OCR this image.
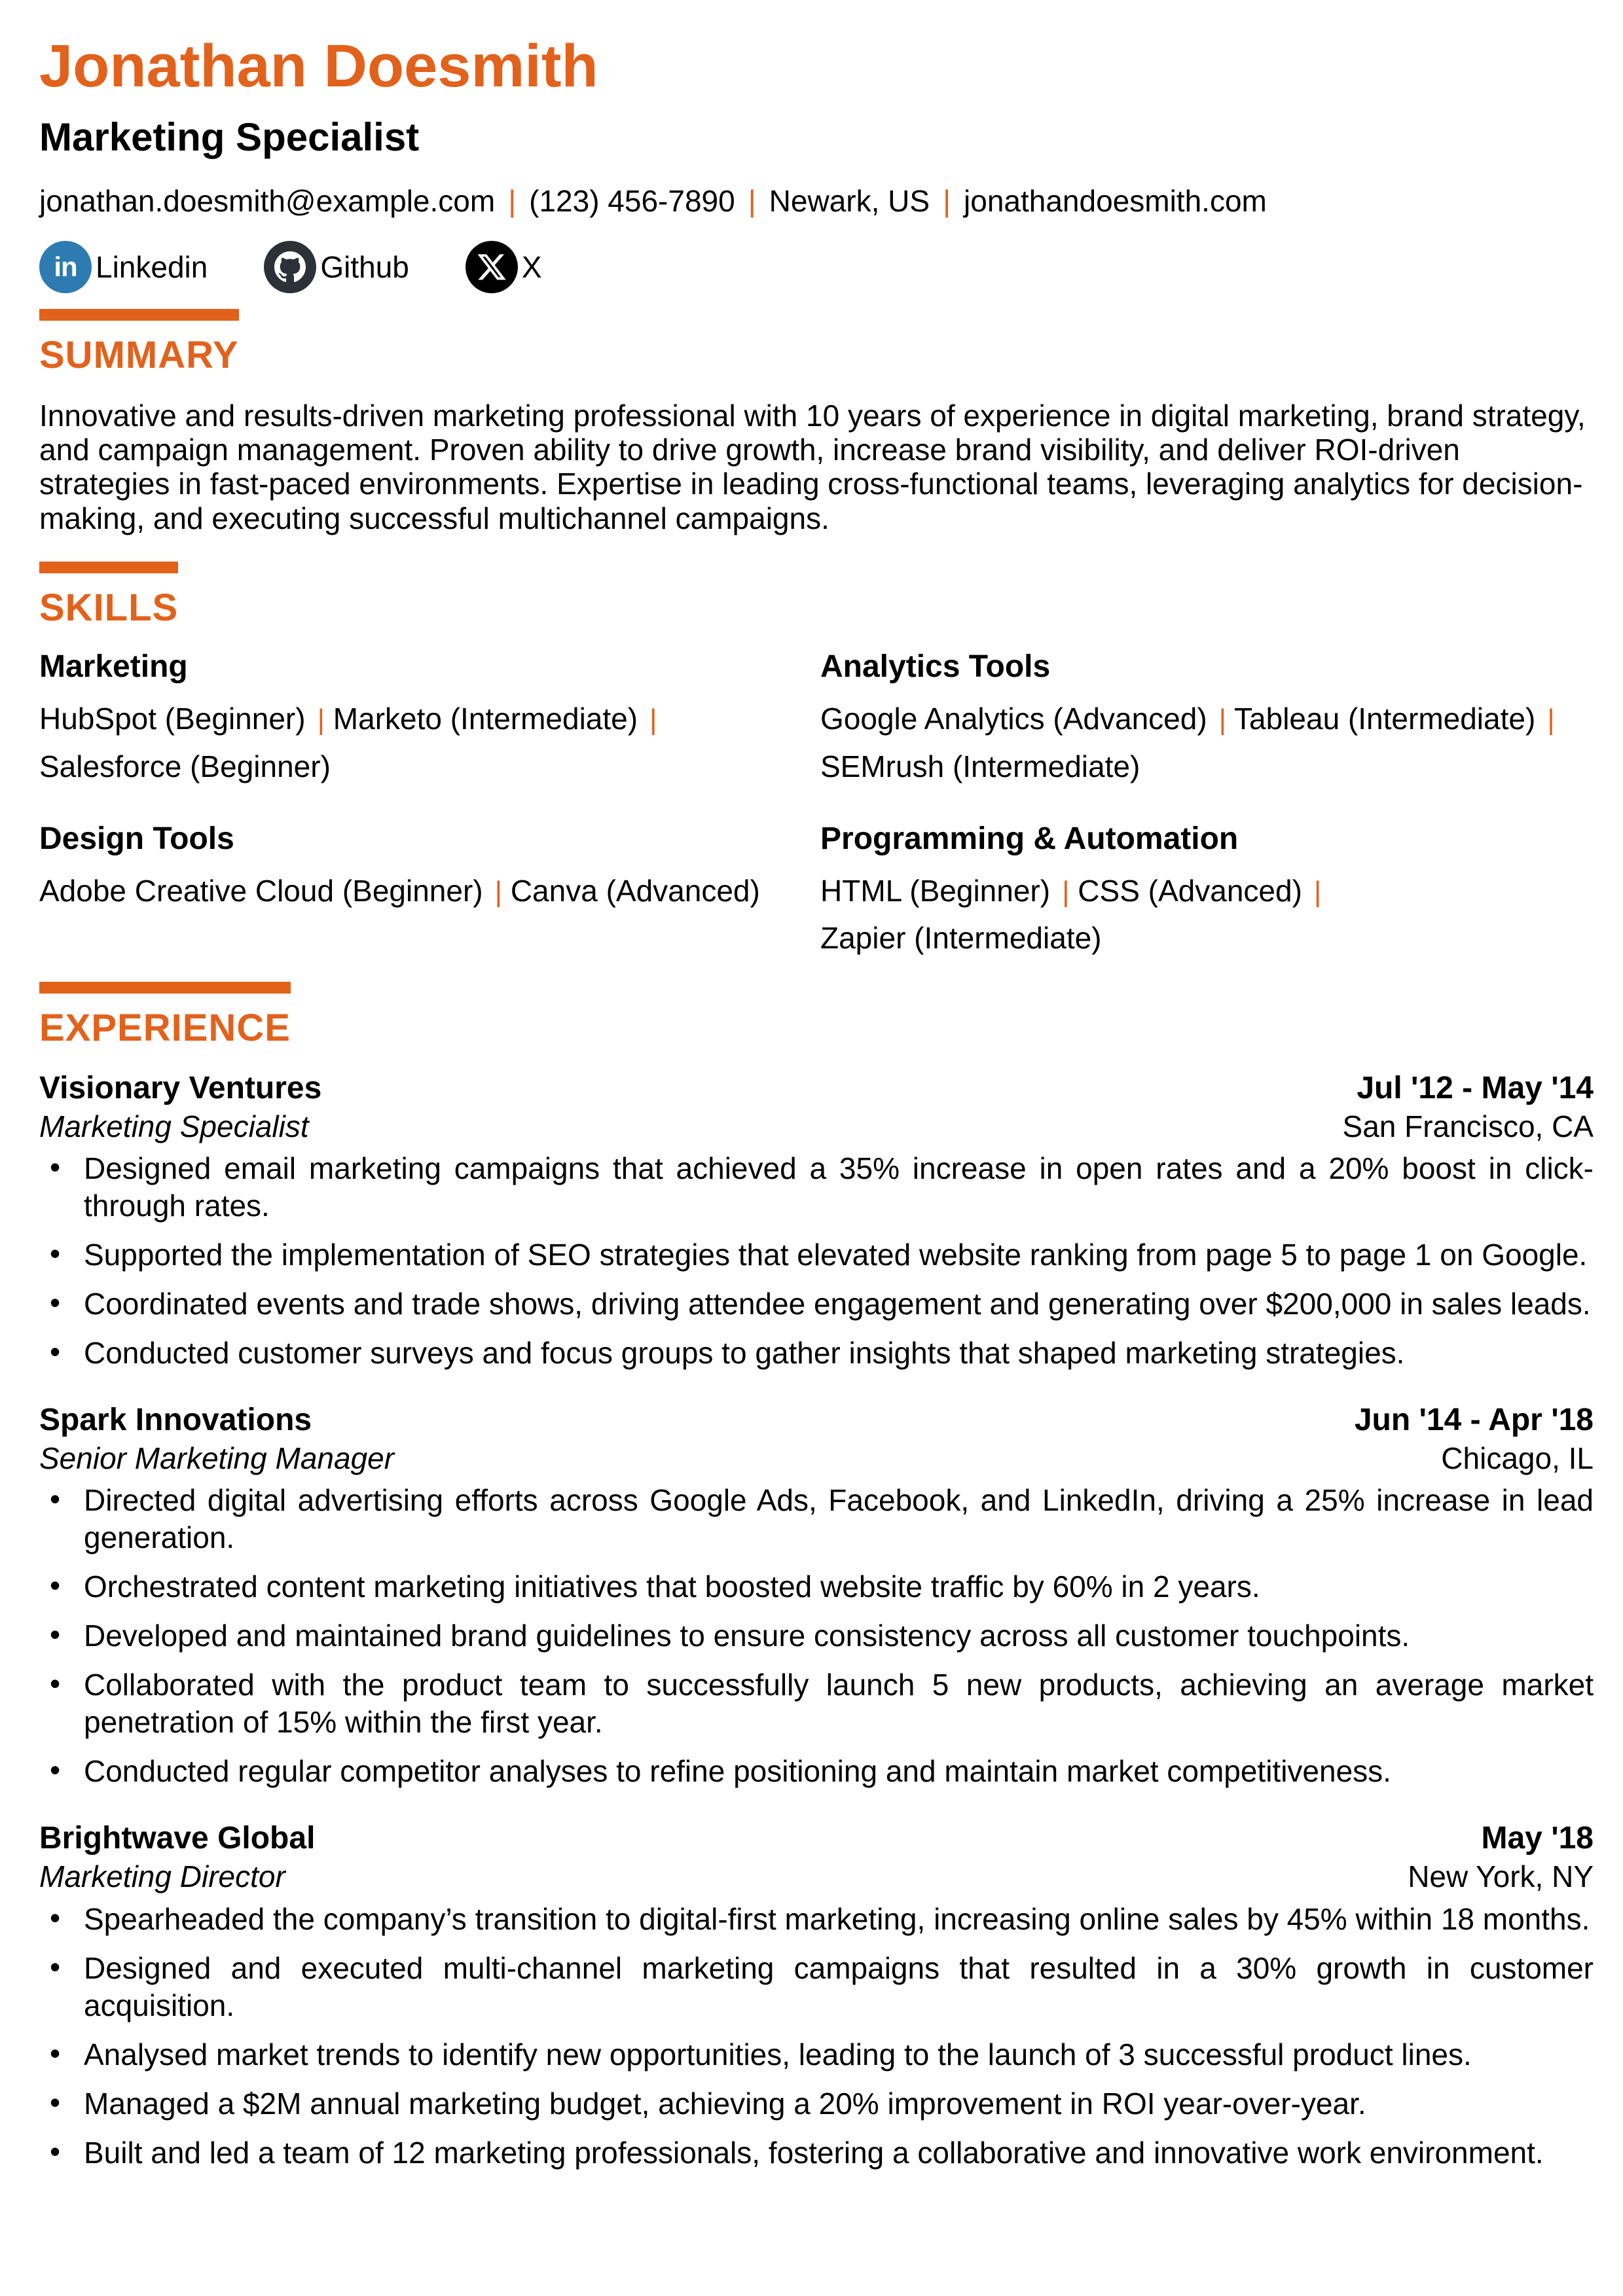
Jonathan Doesmith
Marketing Specialist
jonathan.doesmith@example.com | (123) 456-7890 | Newark, US | jonathandoesmith.com
in Linkedin	Github	X
SUMMARY

Innovative and results-driven marketing professional with 10 years of experience in digital marketing, brand strategy, and campaign management. Proven ability to drive growth, increase brand visibility, and deliver ROI-driven strategies in fast-paced environments. Expertise in leading cross-functional teams, leveraging analytics for decision-making, and executing successful multichannel campaigns.

SKILLS
Marketing
HubSpot (Beginner) | Marketo (Intermediate) | Salesforce (Beginner)
Analytics Tools
Google Analytics (Advanced) | Tableau (Intermediate) | SEMrush (Intermediate)
Design Tools
Adobe Creative Cloud (Beginner) | Canva (Advanced)
Programming & Automation
HTML (Beginner) | CSS (Advanced) | Zapier (Intermediate)
EXPERIENCE
Visionary Ventures	Jul '12 - May '14
Marketing Specialist	San Francisco, CA
• Designed email marketing campaigns that achieved a 35% increase in open rates and a 20% boost in click-through rates.
• Supported the implementation of SEO strategies that elevated website ranking from page 5 to page 1 on Google.
• Coordinated events and trade shows, driving attendee engagement and generating over $200,000 in sales leads.
• Conducted customer surveys and focus groups to gather insights that shaped marketing strategies.
Spark Innovations	Jun '14 - Apr '18
Senior Marketing Manager	Chicago, IL
• Directed digital advertising efforts across Google Ads, Facebook, and LinkedIn, driving a 25% increase in lead generation.
• Orchestrated content marketing initiatives that boosted website traffic by 60% in 2 years.
• Developed and maintained brand guidelines to ensure consistency across all customer touchpoints.
• Collaborated with the product team to successfully launch 5 new products, achieving an average market penetration of 15% within the first year.
• Conducted regular competitor analyses to refine positioning and maintain market competitiveness.
Brightwave Global	May '18
Marketing Director	New York, NY
• Spearheaded the company’s transition to digital-first marketing, increasing online sales by 45% within 18 months.
• Designed and executed multi-channel marketing campaigns that resulted in a 30% growth in customer acquisition.
• Analysed market trends to identify new opportunities, leading to the launch of 3 successful product lines.
• Managed a $2M annual marketing budget, achieving a 20% improvement in ROI year-over-year.
• Built and led a team of 12 marketing professionals, fostering a collaborative and innovative work environment.
